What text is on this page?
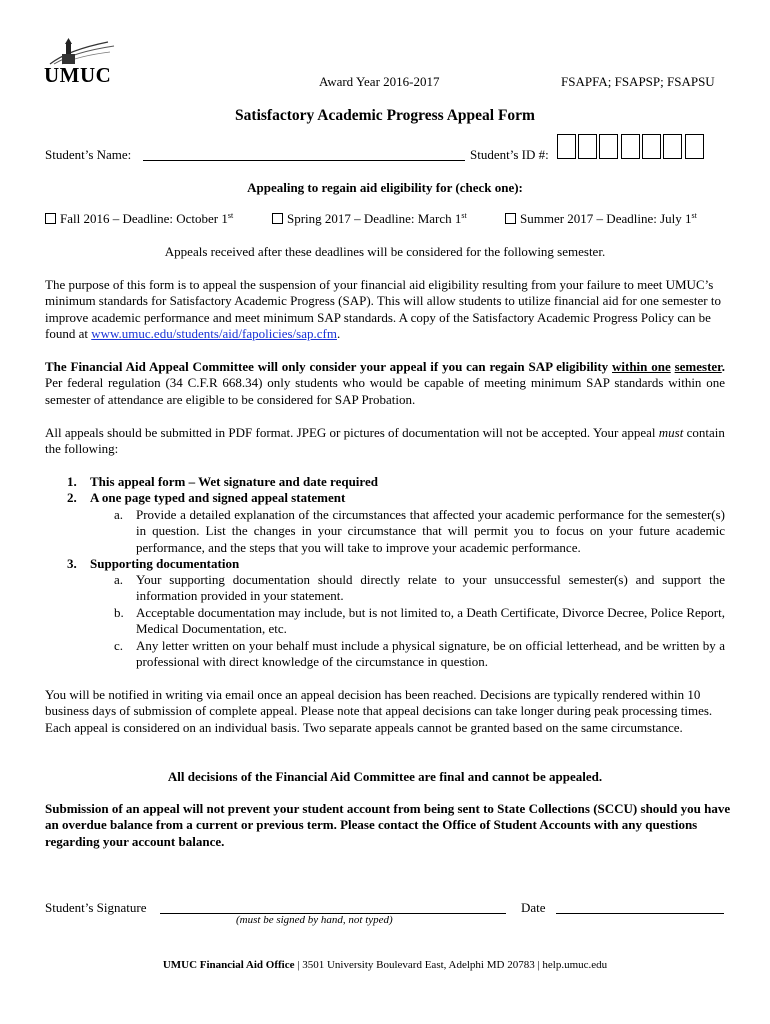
UMUC	Award Year 2016-2017	FSAPFA; FSAPSP; FSAPSU
Satisfactory Academic Progress Appeal Form
Student’s Name:	Student’s ID #:
Appealing to regain aid eligibility for (check one):
Fall 2016 – Deadline: October 1st	Spring 2017 – Deadline: March 1st	Summer 2017 – Deadline: July 1st
Appeals received after these deadlines will be considered for the following semester.
The purpose of this form is to appeal the suspension of your financial aid eligibility resulting from your failure to meet UMUC’s minimum standards for Satisfactory Academic Progress (SAP). This will allow students to utilize financial aid for one semester to improve academic performance and meet minimum SAP standards. A copy of the Satisfactory Academic Progress Policy can be found at www.umuc.edu/students/aid/fapolicies/sap.cfm.
The Financial Aid Appeal Committee will only consider your appeal if you can regain SAP eligibility within one semester. Per federal regulation (34 C.F.R 668.34) only students who would be capable of meeting minimum SAP standards within one semester of attendance are eligible to be considered for SAP Probation.
All appeals should be submitted in PDF format. JPEG or pictures of documentation will not be accepted. Your appeal must contain the following:
1. This appeal form – Wet signature and date required
2. A one page typed and signed appeal statement
a. Provide a detailed explanation of the circumstances that affected your academic performance for the semester(s) in question. List the changes in your circumstance that will permit you to focus on your future academic performance, and the steps that you will take to improve your academic performance.
3. Supporting documentation
a. Your supporting documentation should directly relate to your unsuccessful semester(s) and support the information provided in your statement.
b. Acceptable documentation may include, but is not limited to, a Death Certificate, Divorce Decree, Police Report, Medical Documentation, etc.
c. Any letter written on your behalf must include a physical signature, be on official letterhead, and be written by a professional with direct knowledge of the circumstance in question.
You will be notified in writing via email once an appeal decision has been reached. Decisions are typically rendered within 10 business days of submission of complete appeal. Please note that appeal decisions can take longer during peak processing times. Each appeal is considered on an individual basis. Two separate appeals cannot be granted based on the same circumstance.
All decisions of the Financial Aid Committee are final and cannot be appealed.
Submission of an appeal will not prevent your student account from being sent to State Collections (SCCU) should you have an overdue balance from a current or previous term. Please contact the Office of Student Accounts with any questions regarding your account balance.
Student’s Signature	Date
(must be signed by hand, not typed)
UMUC Financial Aid Office | 3501 University Boulevard East, Adelphi MD 20783 | help.umuc.edu
